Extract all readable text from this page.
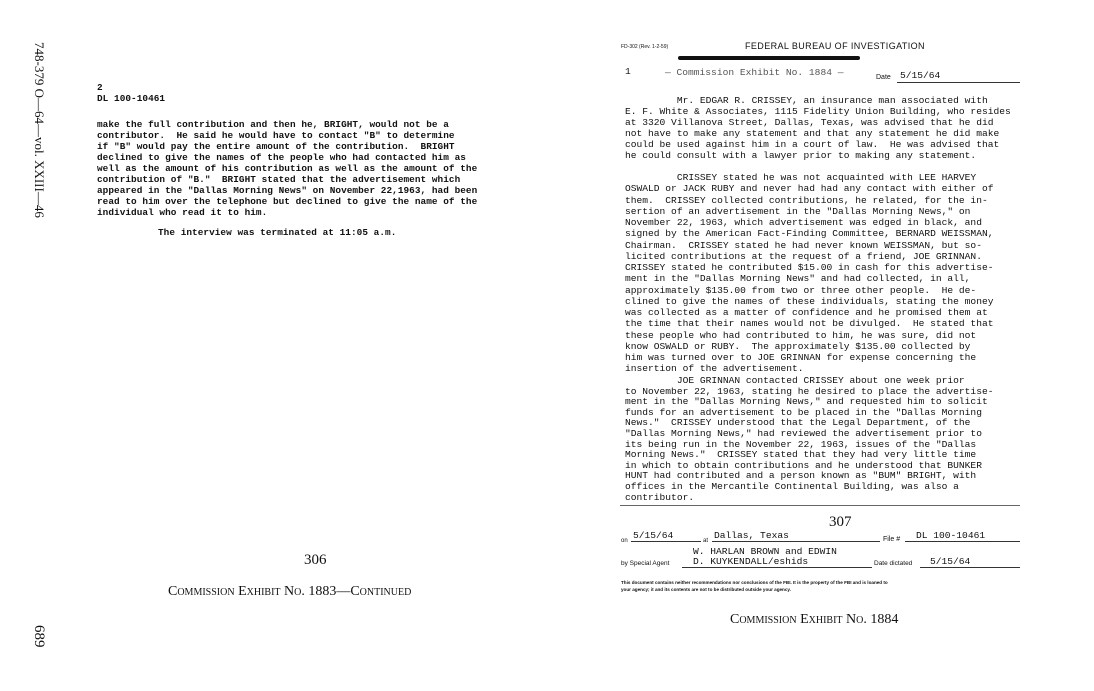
748-379 O—64—vol. XXIII—46
689
2
DL 100-10461
make the full contribution and then he, BRIGHT, would not be a
contributor.  He said he would have to contact "B" to determine
if "B" would pay the entire amount of the contribution.  BRIGHT
declined to give the names of the people who had contacted him as
well as the amount of his contribution as well as the amount of the
contribution of "B."  BRIGHT stated that the advertisement which
appeared in the "Dallas Morning News" on November 22,1963, had been
read to him over the telephone but declined to give the name of the
individual who read it to him.
The interview was terminated at 11:05 a.m.
306
Commission Exhibit No. 1883—Continued
FD-302 (Rev. 1-2-59)	FEDERAL BUREAU OF INVESTIGATION
1	— Commission Exhibit No. 1884 —	Date 5/15/64
Mr. EDGAR R. CRISSEY, an insurance man associated with
E. F. White & Associates, 1115 Fidelity Union Building, who resides
at 3320 Villanova Street, Dallas, Texas, was advised that he did
not have to make any statement and that any statement he did make
could be used against him in a court of law.  He was advised that
he could consult with a lawyer prior to making any statement.
CRISSEY stated he was not acquainted with LEE HARVEY
OSWALD or JACK RUBY and never had had any contact with either of
them.  CRISSEY collected contributions, he related, for the in-
sertion of an advertisement in the "Dallas Morning News," on
November 22, 1963, which advertisement was edged in black, and
signed by the American Fact-Finding Committee, BERNARD WEISSMAN,
Chairman.  CRISSEY stated he had never known WEISSMAN, but so-
licited contributions at the request of a friend, JOE GRINNAN.
CRISSEY stated he contributed $15.00 in cash for this advertise-
ment in the "Dallas Morning News" and had collected, in all,
approximately $135.00 from two or three other people.  He de-
clined to give the names of these individuals, stating the money
was collected as a matter of confidence and he promised them at
the time that their names would not be divulged.  He stated that
these people who had contributed to him, he was sure, did not
know OSWALD or RUBY.  The approximately $135.00 collected by
him was turned over to JOE GRINNAN for expense concerning the
insertion of the advertisement.
JOE GRINNAN contacted CRISSEY about one week prior
to November 22, 1963, stating he desired to place the advertise-
ment in the "Dallas Morning News," and requested him to solicit
funds for an advertisement to be placed in the "Dallas Morning
News."  CRISSEY understood that the Legal Department, of the
"Dallas Morning News," had reviewed the advertisement prior to
its being run in the November 22, 1963, issues of the "Dallas
Morning News."  CRISSEY stated that they had very little time
in which to obtain contributions and he understood that BUNKER
HUNT had contributed and a person known as "BUM" BRIGHT, with
offices in the Mercantile Continental Building, was also a
contributor.
307
on 5/15/64	at Dallas, Texas	File # DL 100-10461
W. HARLAN BROWN and EDWIN
by Special Agent D. KUYKENDALL/eshids	Date dictated 5/15/64
This document contains neither recommendations nor conclusions of the FBI. It is the property of the FBI and is loaned to
your agency; it and its contents are not to be distributed outside your agency.
Commission Exhibit No. 1884
